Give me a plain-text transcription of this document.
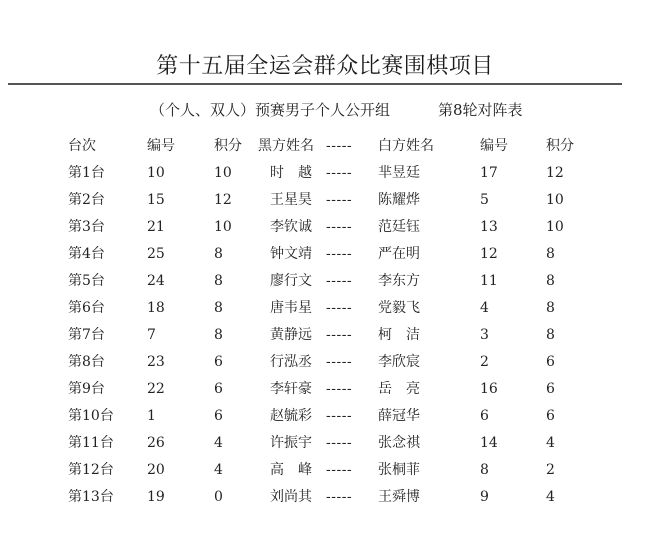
第十五届全运会群众比赛围棋项目
（个人、双人）预赛男子个人公开组	第8轮对阵表
台次	编号	积分 黑方姓名 ----- 白方姓名	编号	积分
第1台	10	10	时　越	----- 芈昱廷	17	12
第2台	15	12	王星昊	----- 陈耀烨	5	10
第3台	21	10	李钦诚	----- 范廷钰	13	10
第4台	25	8	钟文靖	----- 严在明	12	8
第5台	24	8	廖行文	----- 李东方	11	8
第6台	18	8	唐韦星	----- 党毅飞	4	8
第7台	7	8	黄静远	----- 柯　洁	3	8
第8台	23	6	行泓丞	----- 李欣宸	2	6
第9台	22	6	李轩豪	----- 岳　亮	16	6
第10台 1	6	赵毓彩	----- 薛冠华	6	6
第11台 26	4	许振宇	----- 张念祺	14	4
第12台 20	4	高　峰	----- 张桐菲	8	2
第13台 19	0	刘尚其	----- 王舜博	9	4
